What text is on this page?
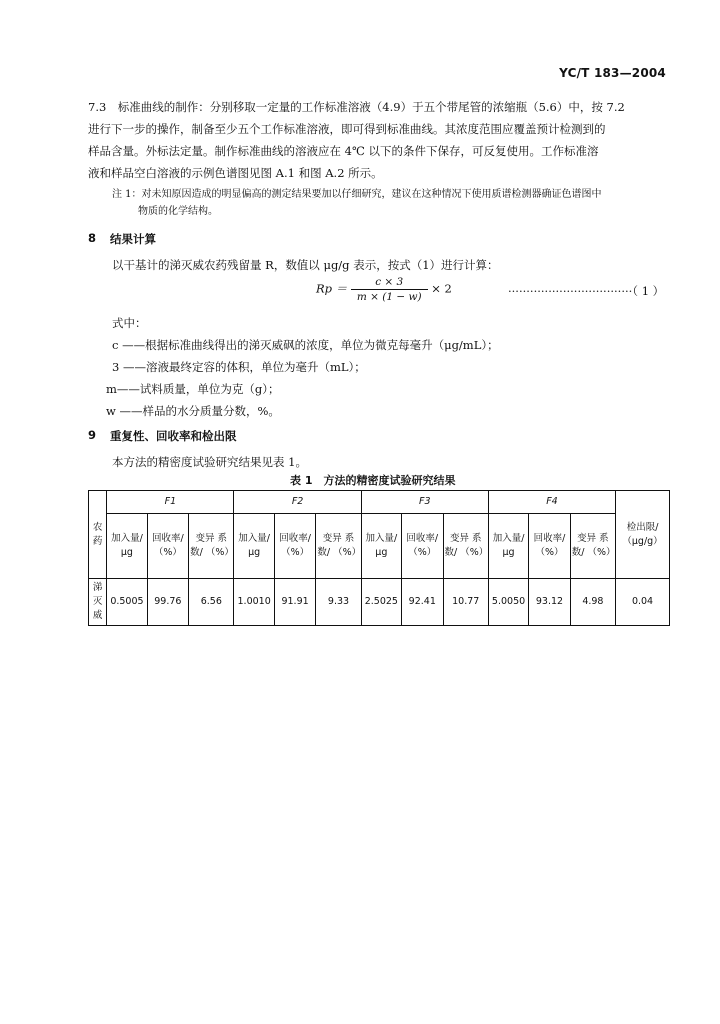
YC/T 183—2004
7.3　标准曲线的制作：分别移取一定量的工作标准溶液（4.9）于五个带尾管的浓缩瓶（5.6）中，按 7.2
进行下一步的操作，制备至少五个工作标准溶液，即可得到标准曲线。其浓度范围应覆盖预计检测到的
样品含量。外标法定量。制作标准曲线的溶液应在 4℃ 以下的条件下保存，可反复使用。工作标准溶
液和样品空白溶液的示例色谱图见图 A.1 和图 A.2 所示。
注 1：对未知原因造成的明显偏高的测定结果要加以仔细研究，建议在这种情况下使用质谱检测器确证色谱图中
物质的化学结构。
8 结果计算
以干基计的涕灭威农药残留量 R，数值以 μg/g 表示，按式（1）进行计算：
$Rp = \frac{c \times 3}{m \times (1 - w)} \times 2$	··································（ 1 ）
式中：
c ——根据标准曲线得出的涕灭威砜的浓度，单位为微克每毫升（μg/mL）；
3 ——溶液最终定容的体积，单位为毫升（mL）；
m——试料质量，单位为克（g）；
w ——样品的水分质量分数，%。
9 重复性、回收率和检出限
本方法的精密度试验研究结果见表 1。
表 1　方法的精密度试验研究结果
农药	F1			F2			F3			F4			检出限/ （μg/g）
	加入量/ μg	回收率/ （%）	变异 系数/ （%）	加入量/ μg	回收率/ （%）	变异 系数/ （%）	加入量/ μg	回收率/ （%）	变异 系数/ （%）	加入量/ μg	回收率/ （%）	变异 系数/ （%）	
涕灭威	0.5005	99.76	6.56	1.0010	91.91	9.33	2.5025	92.41	10.77	5.0050	93.12	4.98	0.04
